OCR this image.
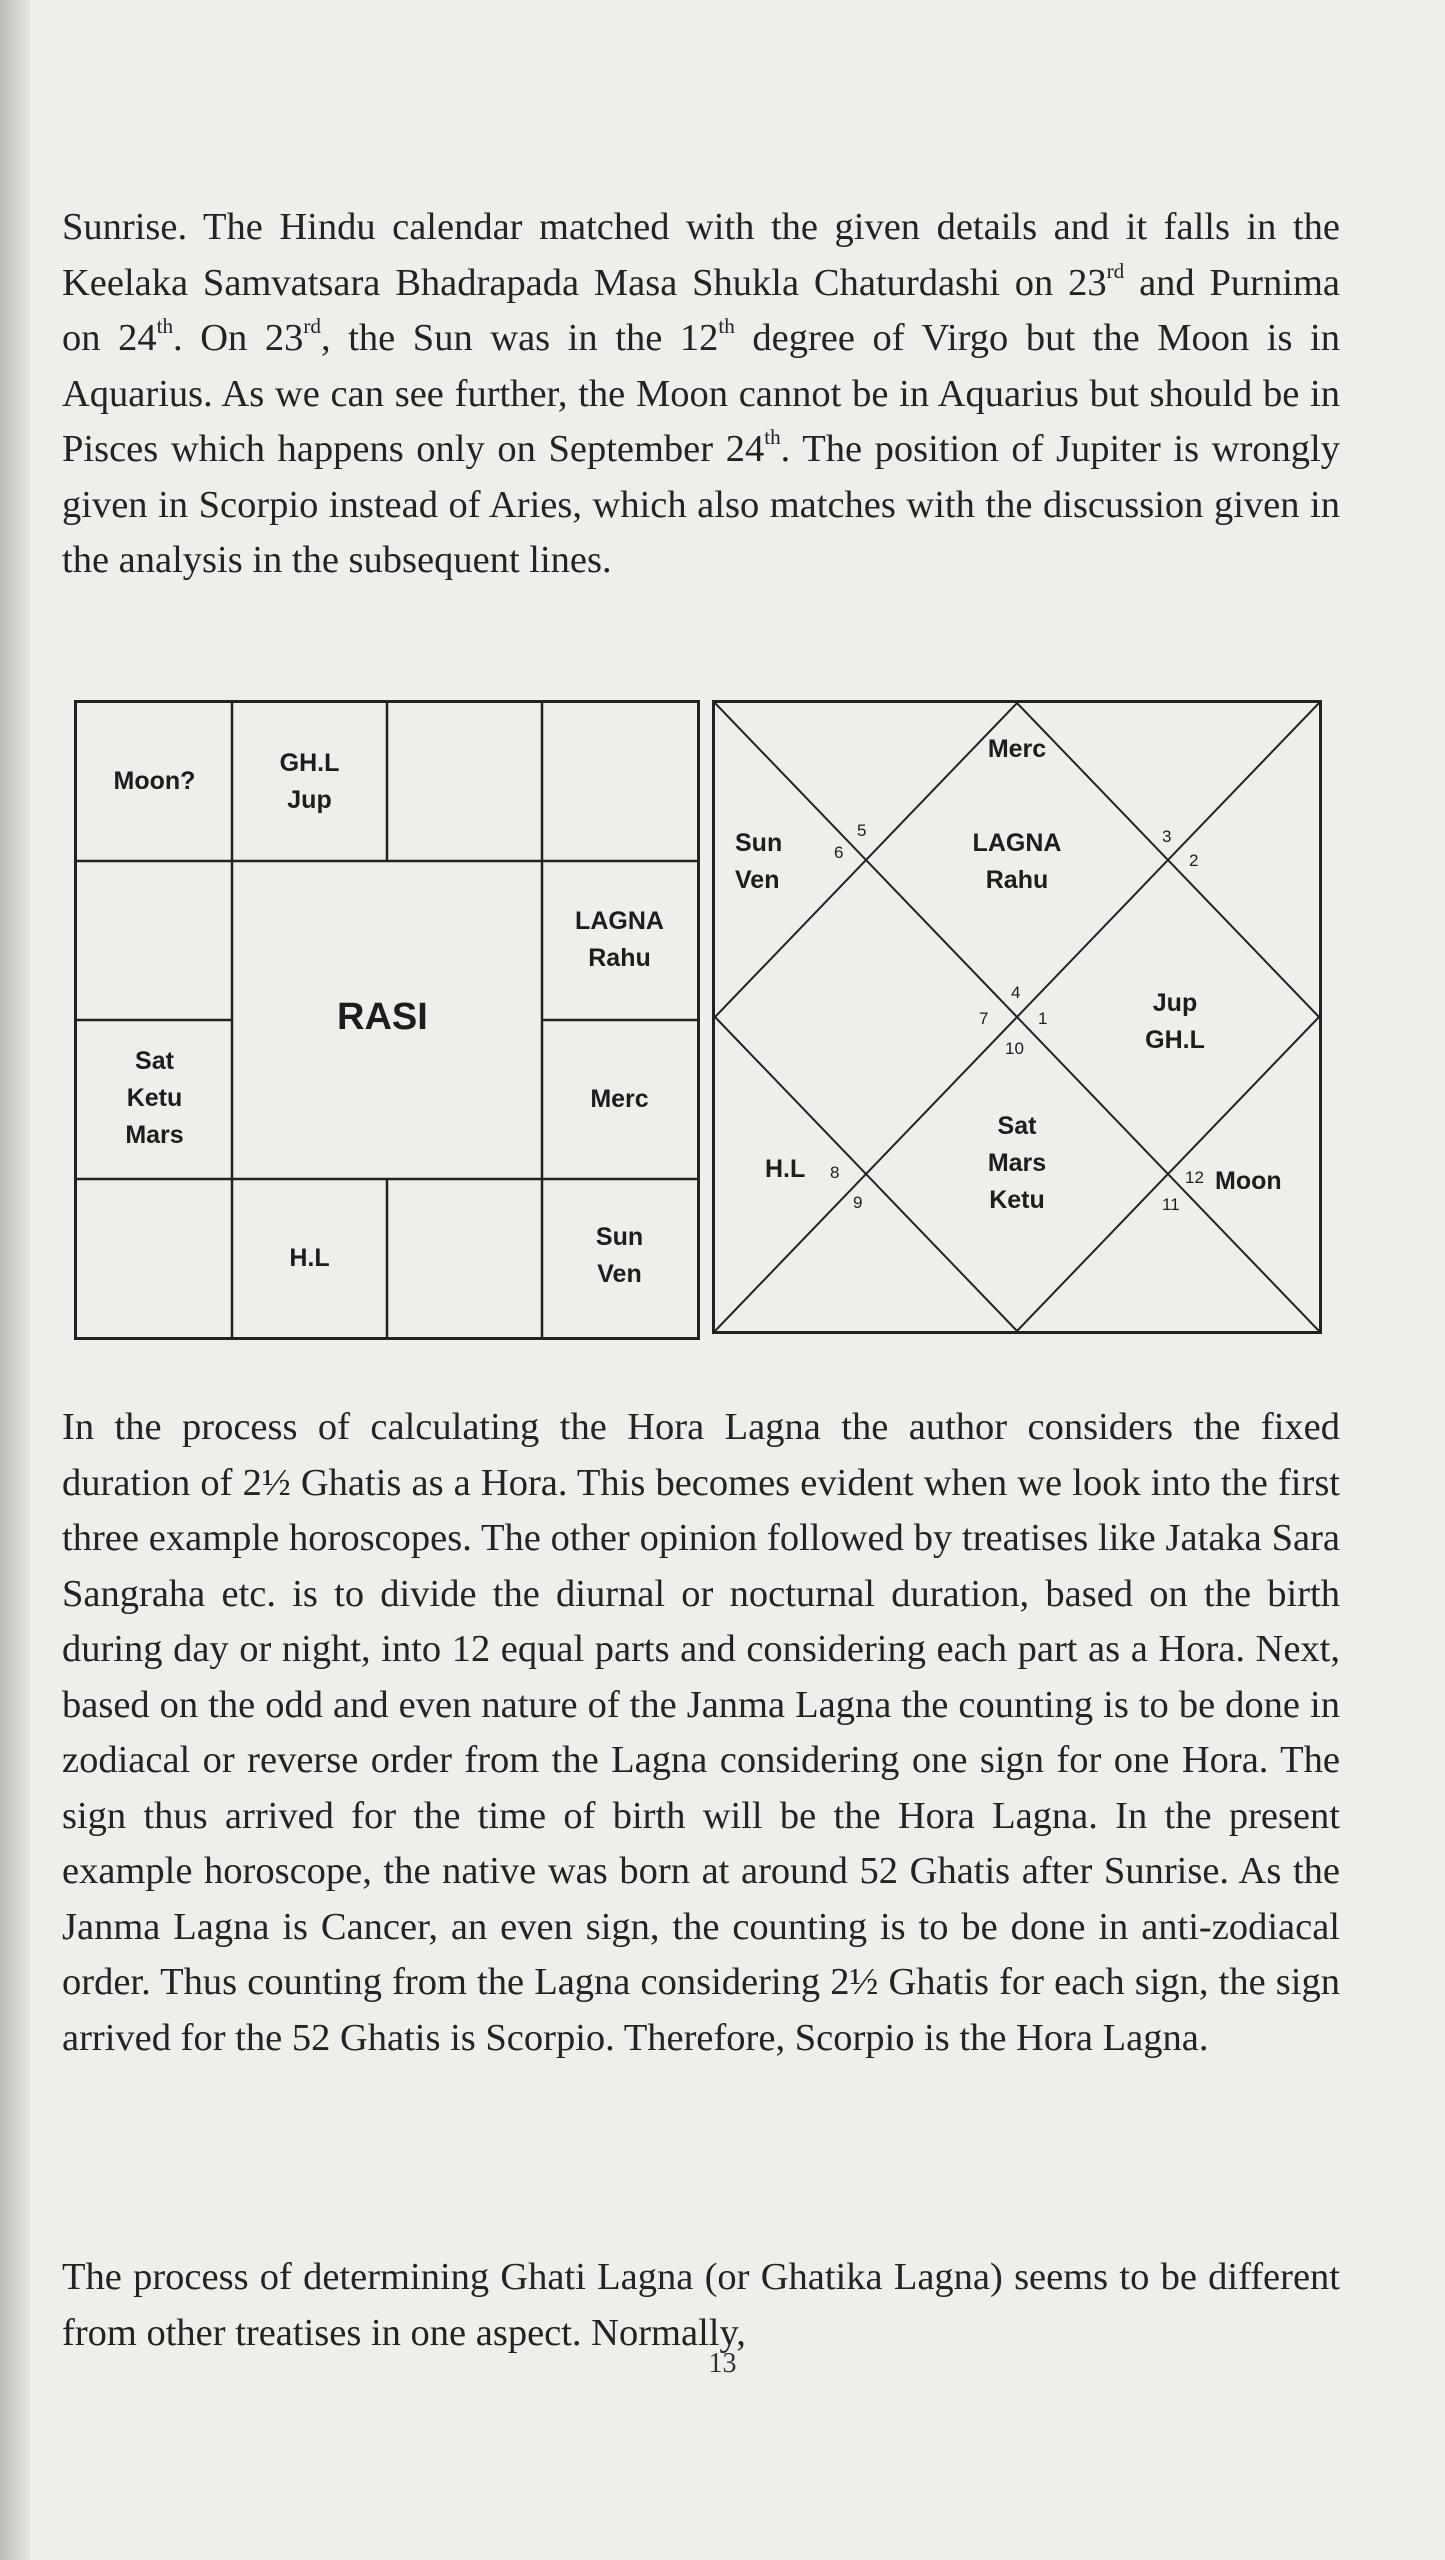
Sunrise. The Hindu calendar matched with the given details and it falls in the Keelaka Samvatsara Bhadrapada Masa Shukla Chaturdashi on 23rd and Purnima on 24th. On 23rd, the Sun was in the 12th degree of Virgo but the Moon is in Aquarius. As we can see further, the Moon cannot be in Aquarius but should be in Pisces which happens only on September 24th. The position of Jupiter is wrongly given in Scorpio instead of Aries, which also matches with the discussion given in the analysis in the subsequent lines.

Moon?
GH.L
Jup
LAGNA
Rahu
RASI
Sat
Ketu
Mars
Merc
Sun
Ven
H.L
Merc
LAGNA
Rahu
Sun
Ven
Jup
GH.L
Sat
Mars
Ketu
H.L	Moon
4
5
6
7
8
9
10
11
12
1
2
3

In the process of calculating the Hora Lagna the author considers the fixed duration of 2½ Ghatis as a Hora. This becomes evident when we look into the first three example horoscopes. The other opinion followed by treatises like Jataka Sara Sangraha etc. is to divide the diurnal or nocturnal duration, based on the birth during day or night, into 12 equal parts and considering each part as a Hora. Next, based on the odd and even nature of the Janma Lagna the counting is to be done in zodiacal or reverse order from the Lagna considering one sign for one Hora. The sign thus arrived for the time of birth will be the Hora Lagna. In the present example horoscope, the native was born at around 52 Ghatis after Sunrise. As the Janma Lagna is Cancer, an even sign, the counting is to be done in anti-zodiacal order. Thus counting from the Lagna considering 2½ Ghatis for each sign, the sign arrived for the 52 Ghatis is Scorpio. Therefore, Scorpio is the Hora Lagna.

The process of determining Ghati Lagna (or Ghatika Lagna) seems to be different from other treatises in one aspect. Normally,

13
